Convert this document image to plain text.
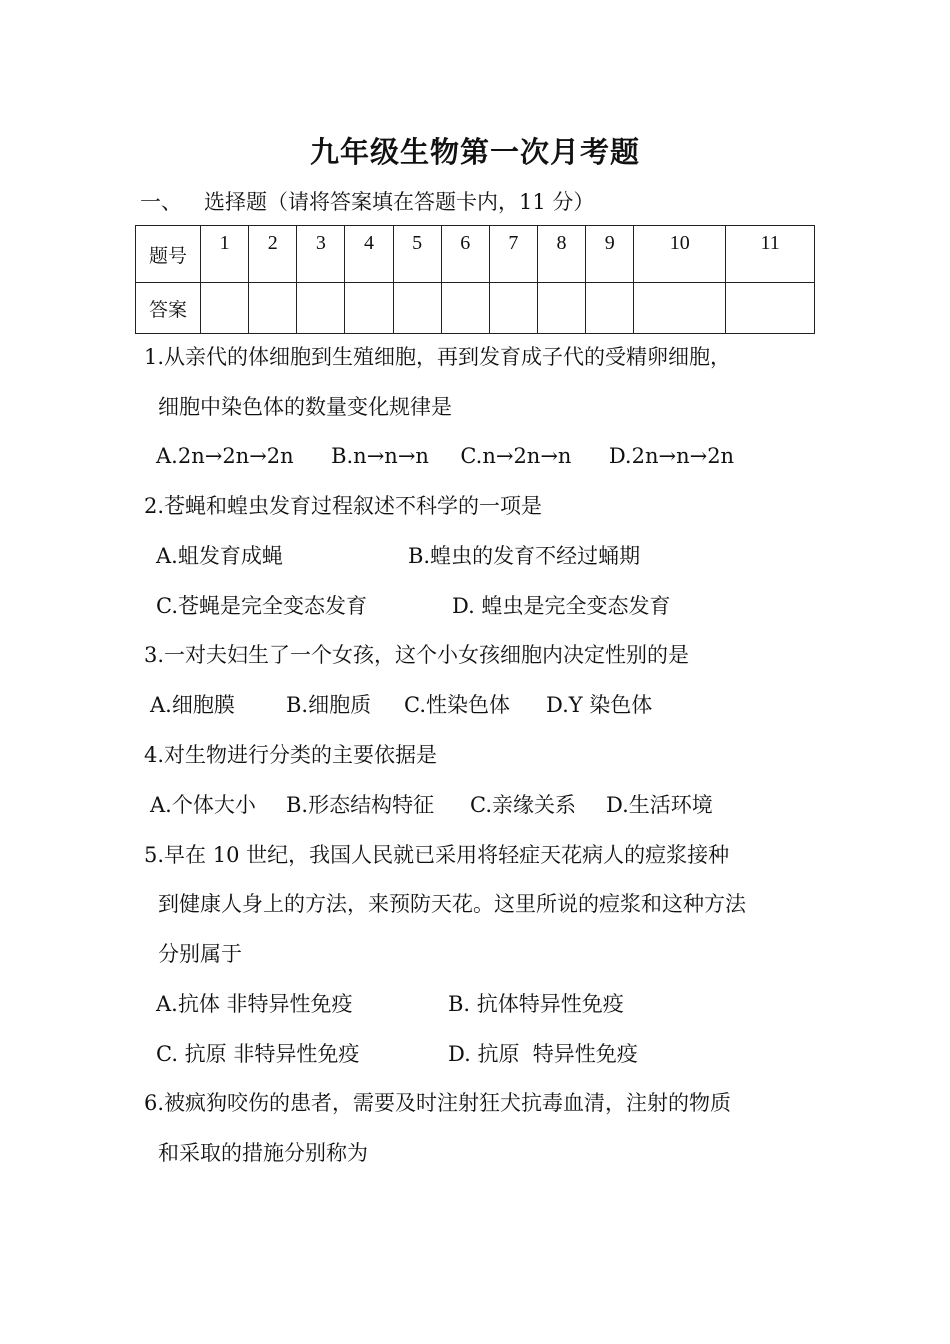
九年级生物第一次月考题
一、 选择题（请将答案填在答题卡内，11 分）
题号	1	2	3	4	5	6	7	8	9	10	11
答案											
1.从亲代的体细胞到生殖细胞，再到发育成子代的受精卵细胞，
细胞中染色体的数量变化规律是
A.2n→2n→2n B.n→n→n C.n→2n→n D.2n→n→2n
2.苍蝇和蝗虫发育过程叙述不科学的一项是
A.蛆发育成蝇	B.蝗虫的发育不经过蛹期
C.苍蝇是完全变态发育	D. 蝗虫是完全变态发育
3.一对夫妇生了一个女孩，这个小女孩细胞内决定性别的是
A.细胞膜 B.细胞质 C.性染色体 D.Y 染色体
4.对生物进行分类的主要依据是
A.个体大小 B.形态结构特征 C.亲缘关系 D.生活环境
5.早在 10 世纪，我国人民就已采用将轻症天花病人的痘浆接种
到健康人身上的方法，来预防天花。这里所说的痘浆和这种方法
分别属于
A.抗体 非特异性免疫	B. 抗体特异性免疫
C. 抗原 非特异性免疫	D. 抗原  特异性免疫
6.被疯狗咬伤的患者，需要及时注射狂犬抗毒血清，注射的物质
和采取的措施分别称为
